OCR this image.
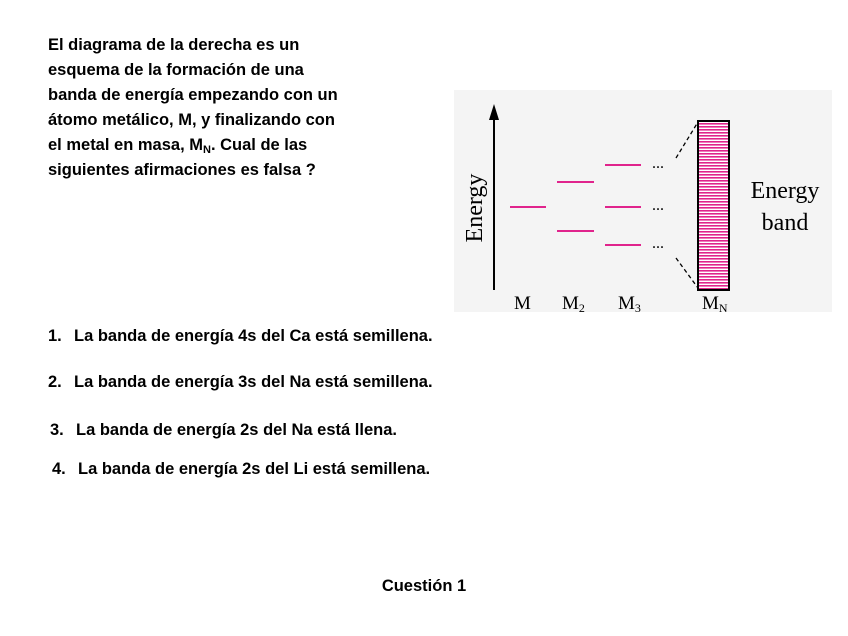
El diagrama de la derecha es un
esquema de la formación de una
banda de energía empezando con un
átomo metálico, M, y finalizando con
el metal en masa, $M_N$. Cual de las
siguientes afirmaciones es falsa ?
Energy
...
...
...
Energy
band
M M2 M3	MN
1. La banda de energía 4s del Ca está semillena.
2. La banda de energía 3s del Na está semillena.
3. La banda de energía 2s del Na está llena.
4. La banda de energía 2s del Li está semillena.
Cuestión 1
